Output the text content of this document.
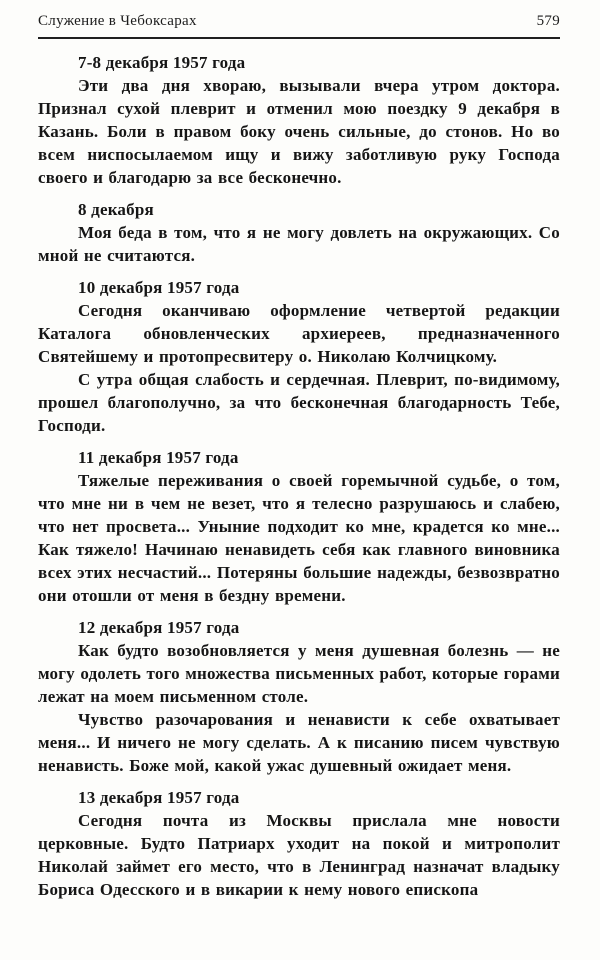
Служение в Чебоксарах	579
7-8 декабря 1957 года

Эти два дня хвораю, вызывали вчера утром доктора. Признал сухой плеврит и отменил мою поездку 9 декабря в Казань. Боли в правом боку очень сильные, до стонов. Но во всем ниспосылаемом ищу и вижу заботливую руку Господа своего и благодарю за все бесконечно.

8 декабря

Моя беда в том, что я не могу довлеть на окружающих. Со мной не считаются.

10 декабря 1957 года

Сегодня оканчиваю оформление четвертой редакции Каталога обновленческих архиереев, предназначенного Святейшему и протопресвитеру о. Николаю Колчицкому.

С утра общая слабость и сердечная. Плеврит, по-видимому, прошел благополучно, за что бесконечная благодарность Тебе, Господи.

11 декабря 1957 года

Тяжелые переживания о своей горемычной судьбе, о том, что мне ни в чем не везет, что я телесно разрушаюсь и слабею, что нет просвета... Уныние подходит ко мне, крадется ко мне... Как тяжело! Начинаю ненавидеть себя как главного виновника всех этих несчастий... Потеряны большие надежды, безвозвратно они отошли от меня в бездну времени.

12 декабря 1957 года

Как будто возобновляется у меня душевная болезнь — не могу одолеть того множества письменных работ, которые горами лежат на моем письменном столе.

Чувство разочарования и ненависти к себе охватывает меня... И ничего не могу сделать. А к писанию писем чувствую ненависть. Боже мой, какой ужас душевный ожидает меня.

13 декабря 1957 года

Сегодня почта из Москвы прислала мне новости церковные. Будто Патриарх уходит на покой и митрополит Николай займет его место, что в Ленинград назначат владыку Бориса Одесского и в викарии к нему нового епископа
